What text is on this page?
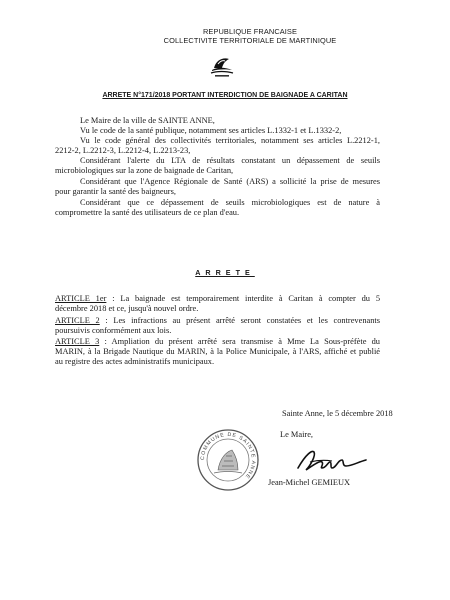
REPUBLIQUE FRANCAISE
COLLECTIVITE TERRITORIALE DE MARTINIQUE
ARRETE N°171/2018 PORTANT INTERDICTION DE BAIGNADE A CARITAN
Le Maire de la ville de SAINTE ANNE,
Vu le code de la santé publique, notamment ses articles L.1332-1 et L.1332-2,
Vu le code général des collectivités territoriales, notamment ses articles L.2212-1,
2212-2, L.2212-3, L.2212-4, L.2213-23,
Considérant l'alerte du LTA de résultats constatant un dépassement de seuils
microbiologiques sur la zone de baignade de Caritan,
Considérant que l'Agence Régionale de Santé (ARS) a sollicité la prise de mesures
pour garantir la santé des baigneurs,
Considérant que ce dépassement de seuils microbiologiques est de nature à
compromettre la santé des utilisateurs de ce plan d'eau.
ARRETE
ARTICLE 1er : La baignade est temporairement interdite à Caritan à compter du 5
décembre 2018 et ce, jusqu'à nouvel ordre.
ARTICLE 2 : Les infractions au présent arrêté seront constatées et les contrevenants
poursuivis conformément aux lois.
ARTICLE 3 : Ampliation du présent arrêté sera transmise à Mme La Sous-préfète du
MARIN, à la Brigade Nautique du MARIN, à la Police Municipale, à l'ARS, affiché et publié
au registre des actes administratifs municipaux.
Sainte Anne, le 5 décembre 2018
Le Maire,
Jean-Michel GEMIEUX
COMMUNE DE SAINTE ANNE
